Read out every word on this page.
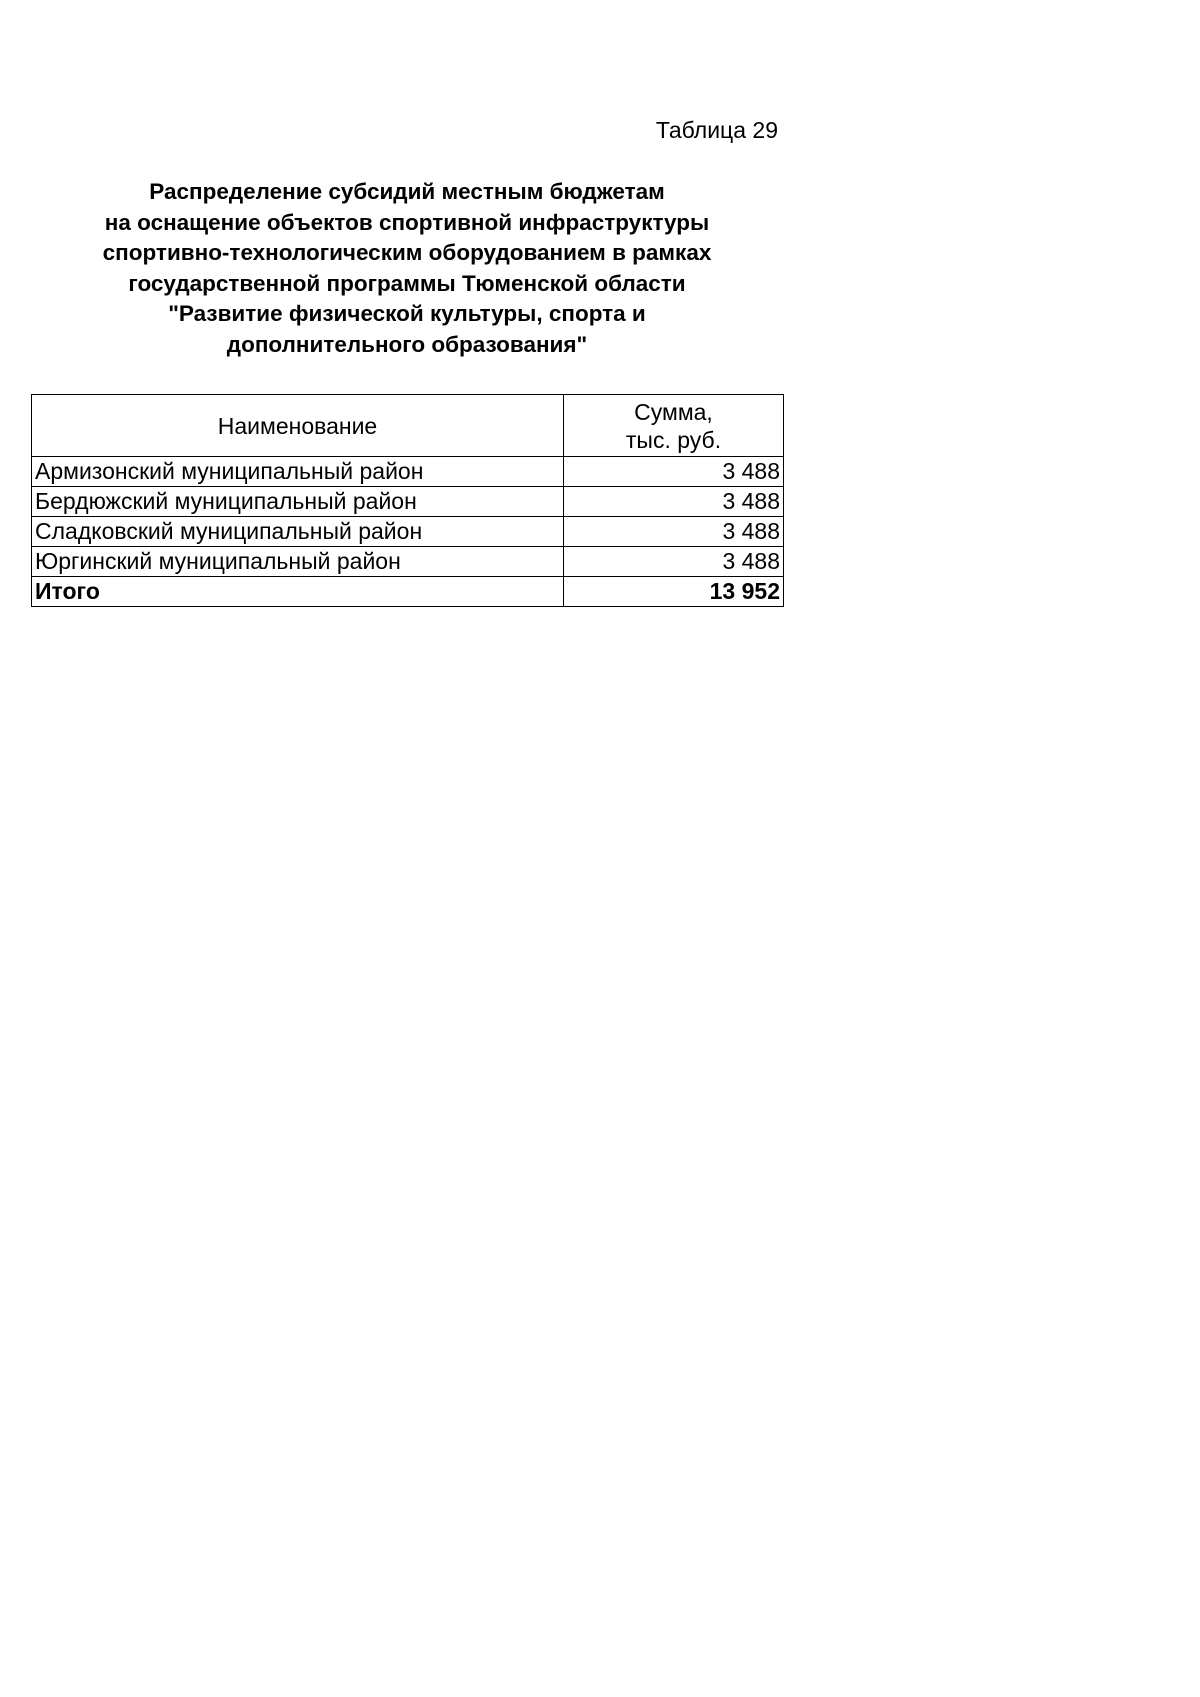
Таблица 29
Распределение субсидий местным бюджетам
на оснащение объектов спортивной инфраструктуры
спортивно-технологическим оборудованием в рамках
государственной программы Тюменской области
"Развитие физической культуры, спорта и
дополнительного образования"
Наименование	Сумма,
тыс. руб.
Армизонский муниципальный район	3 488
Бердюжский муниципальный район	3 488
Сладковский муниципальный район	3 488
Юргинский муниципальный район	3 488
Итого	13 952
